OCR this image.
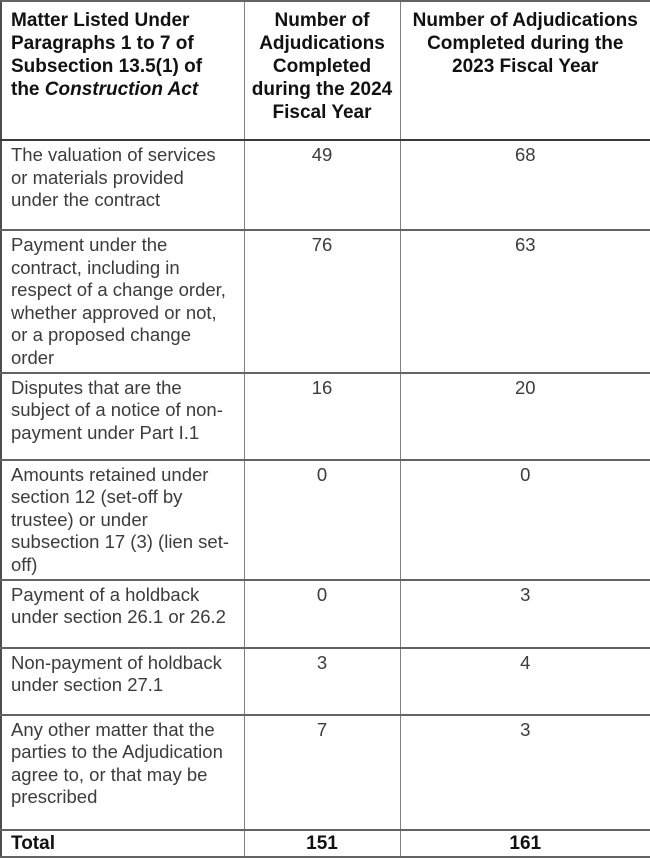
Matter Listed Under Paragraphs 1 to 7 of Subsection 13.5(1) of the Construction Act	Number of Adjudications Completed during the 2024 Fiscal Year	Number of Adjudications Completed during the 2023 Fiscal Year
The valuation of services or materials provided under the contract	49	68
Payment under the contract, including in respect of a change order, whether approved or not, or a proposed change order	76	63
Disputes that are the subject of a notice of non-payment under Part I.1	16	20
Amounts retained under section 12 (set-off by trustee) or under subsection 17 (3) (lien set-off)	0	0
Payment of a holdback under section 26.1 or 26.2	0	3
Non-payment of holdback under section 27.1	3	4
Any other matter that the parties to the Adjudication agree to, or that may be prescribed	7	3
Total	151	161
